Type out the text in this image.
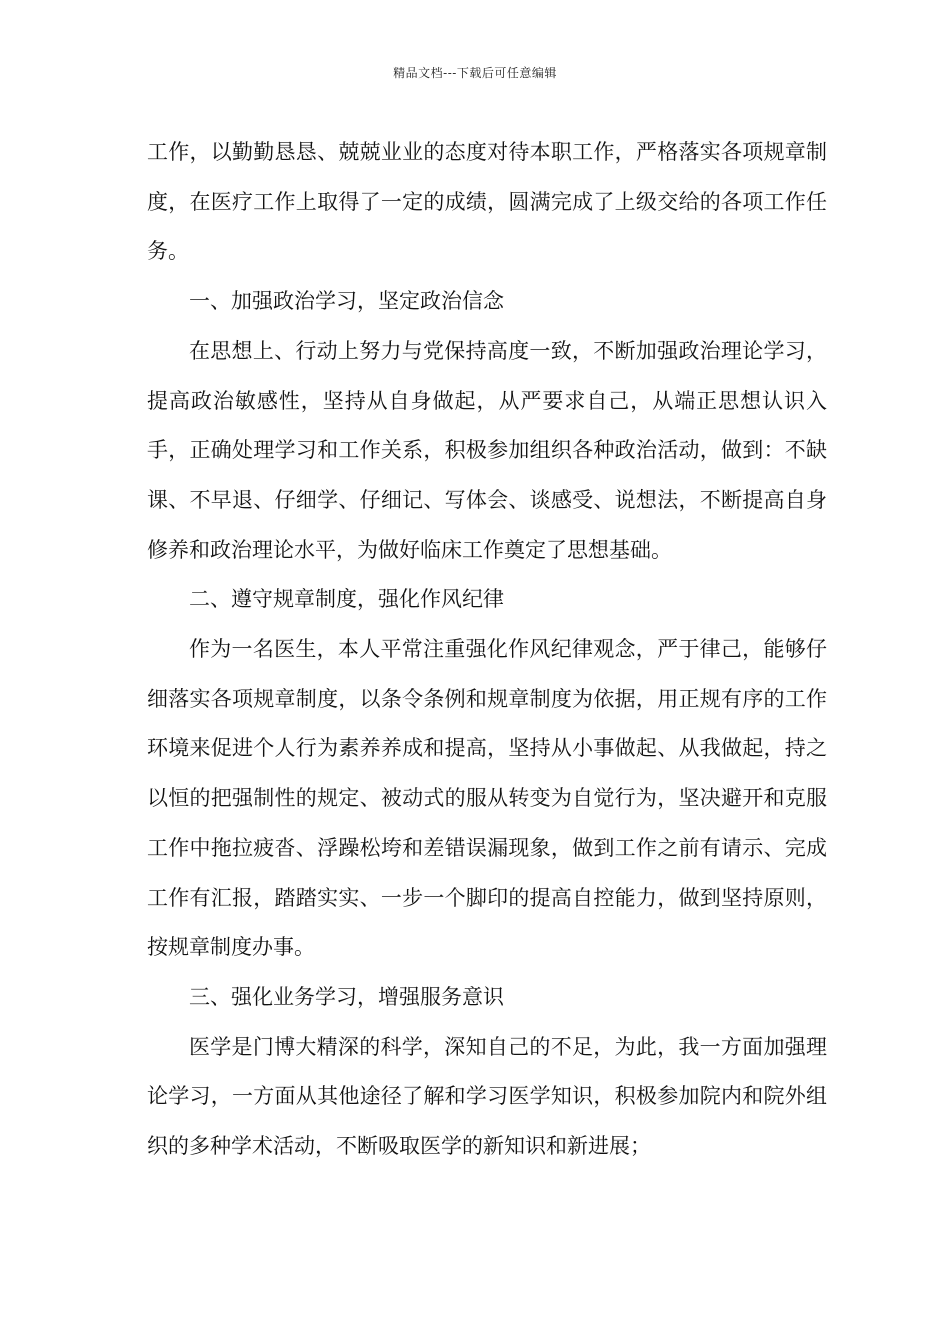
精品文档---下载后可任意编辑

工作，以勤勤恳恳、兢兢业业的态度对待本职工作，严格落实各项规章制度，在医疗工作上取得了一定的成绩，圆满完成了上级交给的各项工作任务。

一、加强政治学习，坚定政治信念

在思想上、行动上努力与党保持高度一致，不断加强政治理论学习，提高政治敏感性，坚持从自身做起，从严要求自己，从端正思想认识入手，正确处理学习和工作关系，积极参加组织各种政治活动，做到：不缺课、不早退、仔细学、仔细记、写体会、谈感受、说想法，不断提高自身修养和政治理论水平，为做好临床工作奠定了思想基础。

二、遵守规章制度，强化作风纪律

作为一名医生，本人平常注重强化作风纪律观念，严于律己，能够仔细落实各项规章制度，以条令条例和规章制度为依据，用正规有序的工作环境来促进个人行为素养养成和提高，坚持从小事做起、从我做起，持之以恒的把强制性的规定、被动式的服从转变为自觉行为，坚决避开和克服工作中拖拉疲沓、浮躁松垮和差错误漏现象，做到工作之前有请示、完成工作有汇报，踏踏实实、一步一个脚印的提高自控能力，做到坚持原则，按规章制度办事。

三、强化业务学习，增强服务意识

医学是门博大精深的科学，深知自己的不足，为此，我一方面加强理论学习，一方面从其他途径了解和学习医学知识，积极参加院内和院外组织的多种学术活动，不断吸取医学的新知识和新进展；
